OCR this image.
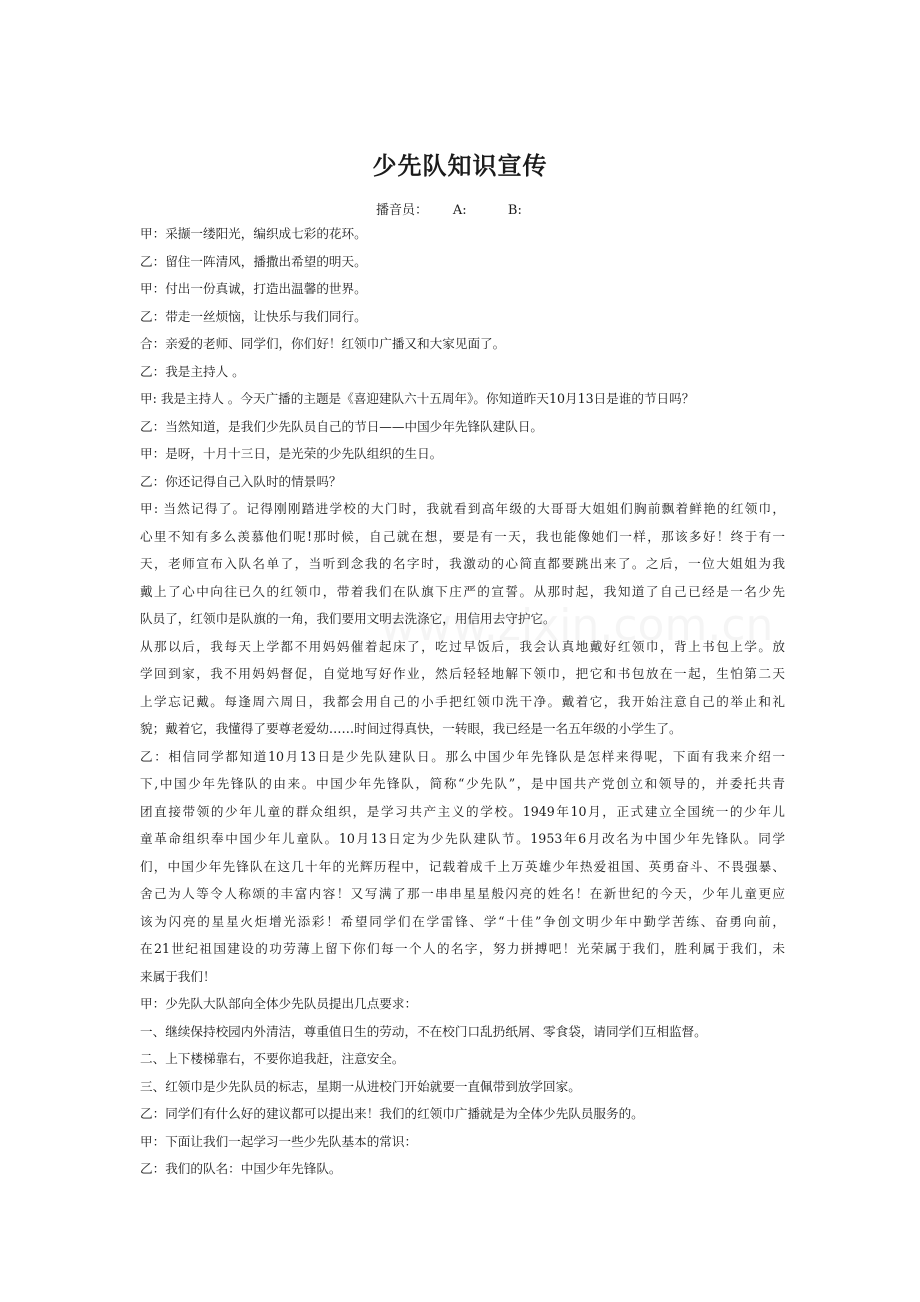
少先队知识宣传
播音员： A:	B:
甲：采撷一缕阳光，编织成七彩的花环。
乙：留住一阵清风，播撒出希望的明天。
甲：付出一份真诚，打造出温馨的世界。
乙：带走一丝烦恼，让快乐与我们同行。
合：亲爱的老师、同学们，你们好！红领巾广播又和大家见面了。
乙：我是主持人 。
甲: 我是主持人 。今天广播的主题是《喜迎建队六十五周年》。你知道昨天10月13日是谁的节日吗？
乙：当然知道，是我们少先队员自己的节日——中国少年先锋队建队日。
甲：是呀，十月十三日，是光荣的少先队组织的生日。
乙：你还记得自己入队时的情景吗？
甲: 当然记得了。记得刚刚踏进学校的大门时，我就看到高年级的大哥哥大姐姐们胸前飘着鲜艳的红领巾，
心里不知有多么羡慕他们呢!那时候，自己就在想，要是有一天，我也能像她们一样，那该多好！终于有一
天，老师宣布入队名单了，当听到念我的名字时，我激动的心简直都要跳出来了。之后，一位大姐姐为我
戴上了心中向往已久的红领巾，带着我们在队旗下庄严的宣誓。从那时起，我知道了自己已经是一名少先
队员了，红领巾是队旗的一角，我们要用文明去洗涤它，用信用去守护它。
从那以后，我每天上学都不用妈妈催着起床了，吃过早饭后，我会认真地戴好红领巾，背上书包上学。放
学回到家，我不用妈妈督促，自觉地写好作业，然后轻轻地解下领巾，把它和书包放在一起，生怕第二天
上学忘记戴。每逢周六周日，我都会用自己的小手把红领巾洗干净。戴着它，我开始注意自己的举止和礼
貌；戴着它，我懂得了要尊老爱幼……时间过得真快，一转眼，我已经是一名五年级的小学生了。
乙：相信同学都知道10月13日是少先队建队日。那么中国少年先锋队是怎样来得呢，下面有我来介绍一
下,中国少年先锋队的由来。中国少年先锋队，简称“少先队”，是中国共产党创立和领导的，并委托共青
团直接带领的少年儿童的群众组织，是学习共产主义的学校。1949年10月，正式建立全国统一的少年儿
童革命组织奉中国少年儿童队。10月13日定为少先队建队节。1953年6月改名为中国少年先锋队。同学
们，中国少年先锋队在这几十年的光辉历程中，记载着成千上万英雄少年热爱祖国、英勇奋斗、不畏强暴、
舍己为人等令人称颂的丰富内容！又写满了那一串串星星般闪亮的姓名！在新世纪的今天，少年儿童更应
该为闪亮的星星火炬增光添彩！希望同学们在学雷锋、学“十佳”争创文明少年中勤学苦练、奋勇向前，
在21世纪祖国建设的功劳薄上留下你们每一个人的名字，努力拼搏吧！光荣属于我们，胜利属于我们，未
来属于我们！
甲：少先队大队部向全体少先队员提出几点要求：
一、继续保持校园内外清洁，尊重值日生的劳动，不在校门口乱扔纸屑、零食袋，请同学们互相监督。
二、上下楼梯靠右，不要你追我赶，注意安全。
三、红领巾是少先队员的标志，星期一从进校门开始就要一直佩带到放学回家。
乙：同学们有什么好的建议都可以提出来！我们的红领巾广播就是为全体少先队员服务的。
甲：下面让我们一起学习一些少先队基本的常识：
乙：我们的队名：中国少年先锋队。
